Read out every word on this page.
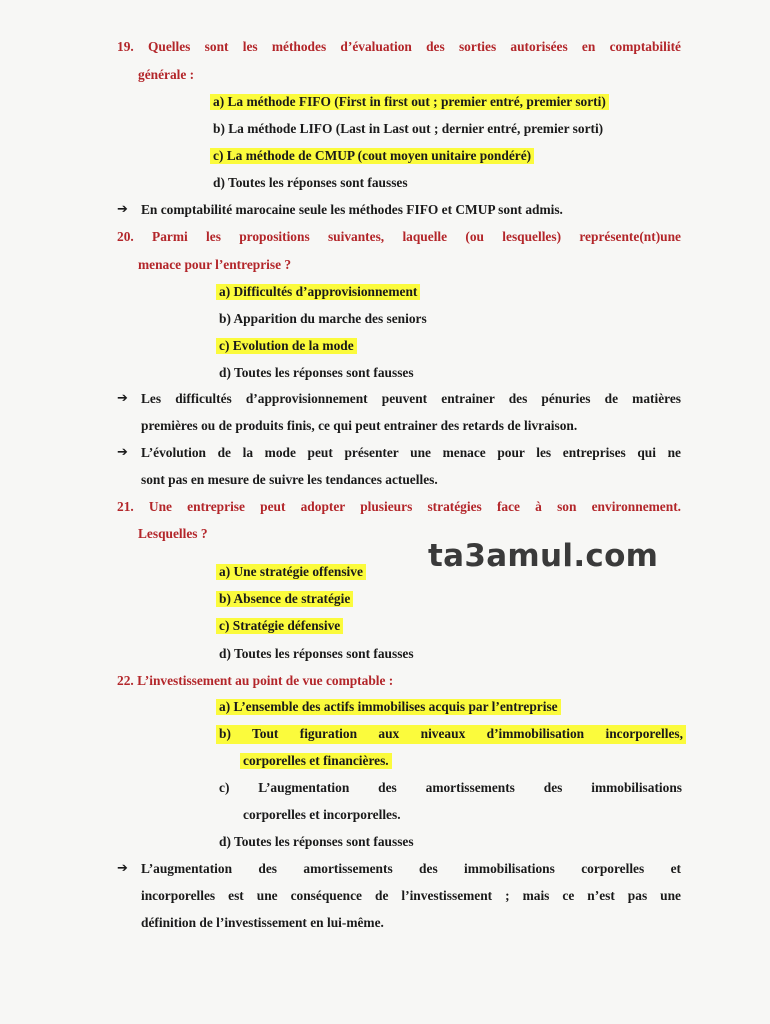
19. Quelles sont les méthodes d’évaluation des sorties autorisées en comptabilité
générale :
a) La méthode FIFO (First in first out ; premier entré, premier sorti)
b) La méthode LIFO (Last in Last out ; dernier entré, premier sorti)
c) La méthode de CMUP (cout moyen unitaire pondéré)
d) Toutes les réponses sont fausses
➔ En comptabilité marocaine seule les méthodes FIFO et CMUP sont admis.
20. Parmi les propositions suivantes, laquelle (ou lesquelles) représente(nt)une
menace pour l’entreprise ?
a) Difficultés d’approvisionnement
b) Apparition du marche des seniors
c) Evolution de la mode
d) Toutes les réponses sont fausses
➔ Les difficultés d’approvisionnement peuvent entrainer des pénuries de matières
premières ou de produits finis, ce qui peut entrainer des retards de livraison.
➔ L’évolution de la mode peut présenter une menace pour les entreprises qui ne
sont pas en mesure de suivre les tendances actuelles.
21. Une entreprise peut adopter plusieurs stratégies face à son environnement.
Lesquelles ?
a) Une stratégie offensive
b) Absence de stratégie
c) Stratégie défensive
d) Toutes les réponses sont fausses
22. L’investissement au point de vue comptable :
a) L’ensemble des actifs immobilises acquis par l’entreprise
b) Tout figuration aux niveaux d’immobilisation incorporelles,
corporelles et financières.
c) L’augmentation des amortissements des immobilisations
corporelles et incorporelles.
d) Toutes les réponses sont fausses
➔ L’augmentation des amortissements des immobilisations corporelles et
incorporelles est une conséquence de l’investissement ; mais ce n’est pas une
définition de l’investissement en lui-même.
ta3amul.com
